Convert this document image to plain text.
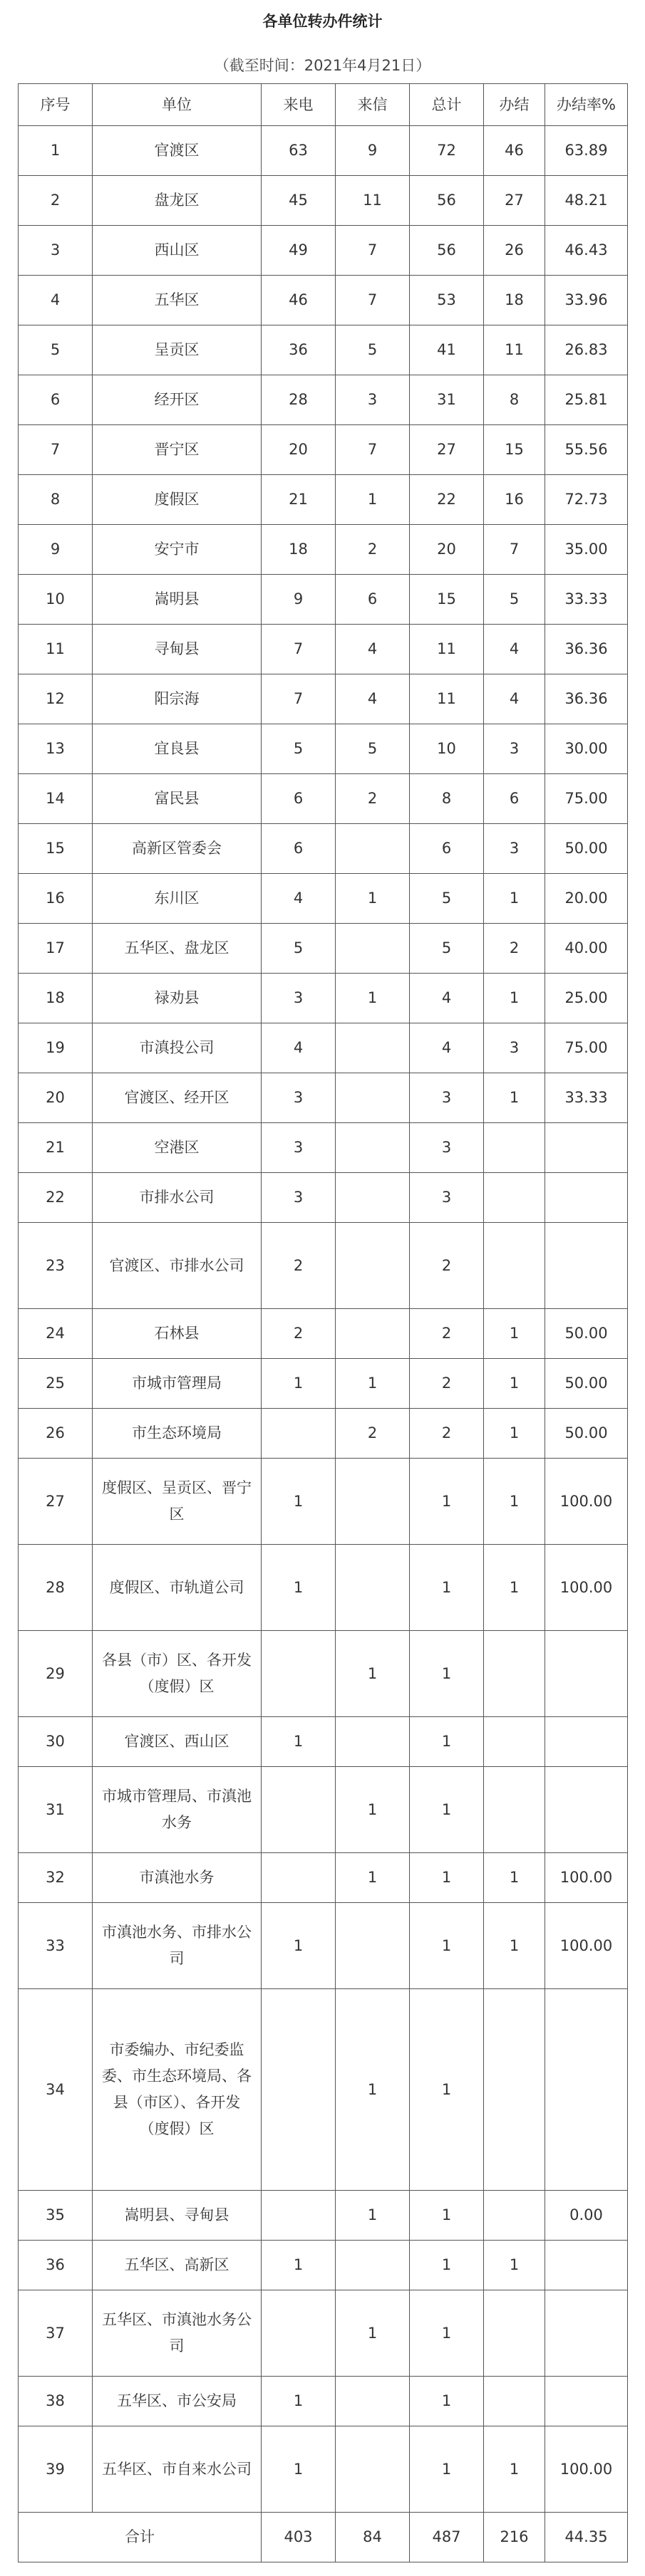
各单位转办件统计
（截至时间：2021年4月21日）
序号	单位	来电	来信	总计	办结	办结率%
1	官渡区	63	9	72	46	63.89
2	盘龙区	45	11	56	27	48.21
3	西山区	49	7	56	26	46.43
4	五华区	46	7	53	18	33.96
5	呈贡区	36	5	41	11	26.83
6	经开区	28	3	31	8	25.81
7	晋宁区	20	7	27	15	55.56
8	度假区	21	1	22	16	72.73
9	安宁市	18	2	20	7	35.00
10	嵩明县	9	6	15	5	33.33
11	寻甸县	7	4	11	4	36.36
12	阳宗海	7	4	11	4	36.36
13	宜良县	5	5	10	3	30.00
14	富民县	6	2	8	6	75.00
15	高新区管委会	6		6	3	50.00
16	东川区	4	1	5	1	20.00
17	五华区、盘龙区	5		5	2	40.00
18	禄劝县	3	1	4	1	25.00
19	市滇投公司	4		4	3	75.00
20	官渡区、经开区	3		3	1	33.33
21	空港区	3		3		
22	市排水公司	3		3		
23	官渡区、市排水公司	2		2		
24	石林县	2		2	1	50.00
25	市城市管理局	1	1	2	1	50.00
26	市生态环境局		2	2	1	50.00
27	度假区、呈贡区、晋宁区	1		1	1	100.00
28	度假区、市轨道公司	1		1	1	100.00
29	各县（市）区、各开发（度假）区		1	1		
30	官渡区、西山区	1		1		
31	市城市管理局、市滇池水务		1	1		
32	市滇池水务		1	1	1	100.00
33	市滇池水务、市排水公司	1		1	1	100.00
34	市委编办、市纪委监委、市生态环境局、各县（市区）、各开发（度假）区		1	1		
35	嵩明县、寻甸县		1	1		0.00
36	五华区、高新区	1		1	1	
37	五华区、市滇池水务公司		1	1		
38	五华区、市公安局	1		1		
39	五华区、市自来水公司	1		1	1	100.00
合计		403	84	487	216	44.35
